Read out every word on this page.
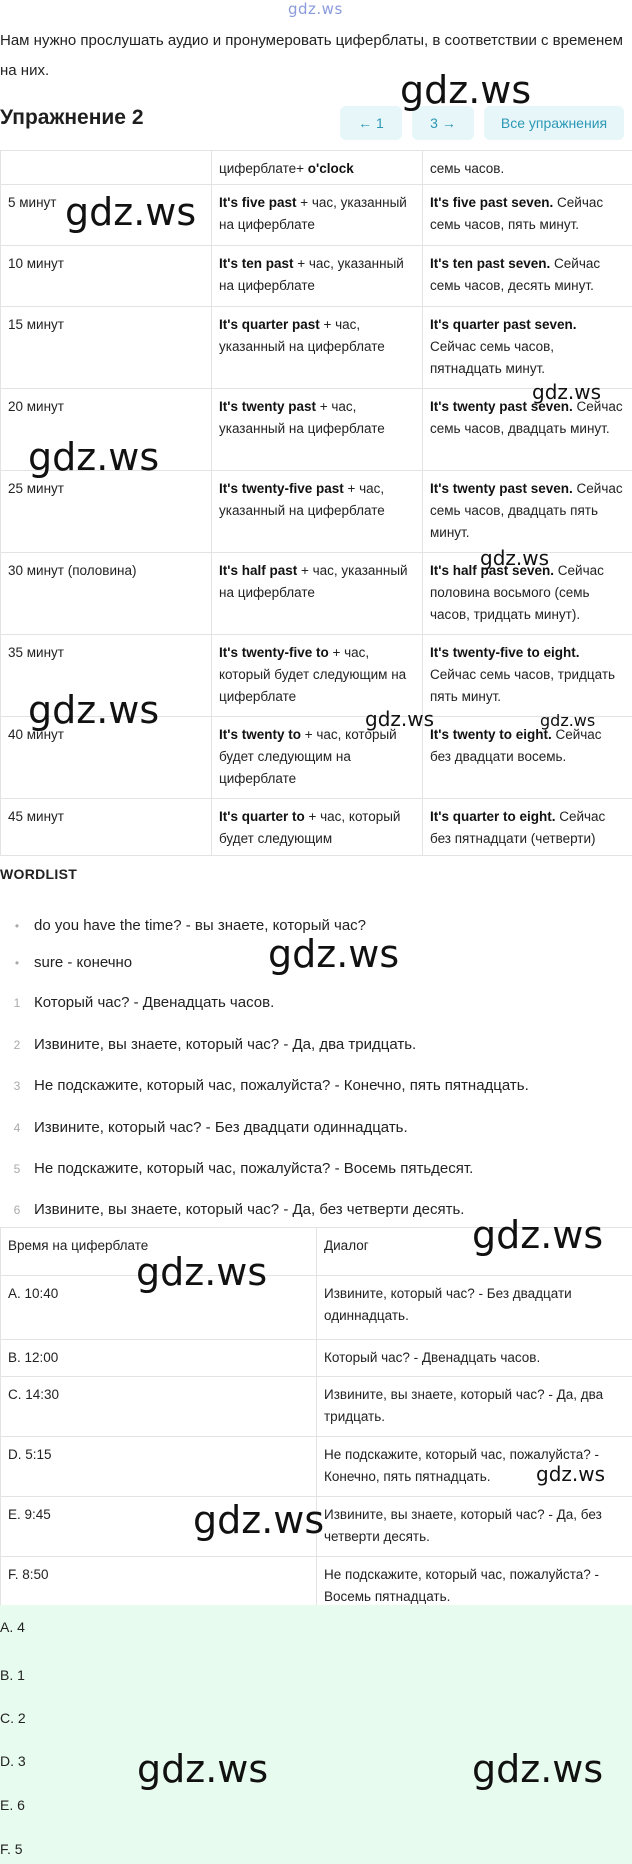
gdz.ws
Нам нужно прослушать аудио и пронумеровать циферблаты, в соответствии с временем на них.
Упражнение 2	← 1	3 →	Все упражнения
	циферблате+ o'clock	семь часов.
5 минут	It's five past + час, указанный на циферблате	It's five past seven. Сейчас семь часов, пять минут.
10 минут	It's ten past + час, указанный на циферблате	It's ten past seven. Сейчас семь часов, десять минут.
15 минут	It's quarter past + час, указанный на циферблате	It's quarter past seven. Сейчас семь часов, пятнадцать минут.
20 минут	It's twenty past + час, указанный на циферблате	It's twenty past seven. Сейчас семь часов, двадцать минут.
25 минут	It's twenty-five past + час, указанный на циферблате	It's twenty past seven. Сейчас семь часов, двадцать пять минут.
30 минут (половина)	It's half past + час, указанный на циферблате	It's half past seven. Сейчас половина восьмого (семь часов, тридцать минут).
35 минут	It's twenty-five to + час, который будет следующим на циферблате	It's twenty-five to eight. Сейчас семь часов, тридцать пять минут.
40 минут	It's twenty to + час, который будет следующим на циферблате	It's twenty to eight. Сейчас без двадцати восемь.
45 минут	It's quarter to + час, который будет следующим	It's quarter to eight. Сейчас без пятнадцати (четверти)
WORDLIST
• do you have the time? - вы знаете, который час?
• sure - конечно
1 Который час? - Двенадцать часов.
2 Извините, вы знаете, который час? - Да, два тридцать.
3 Не подскажите, который час, пожалуйста? - Конечно, пять пятнадцать.
4 Извините, который час? - Без двадцати одиннадцать.
5 Не подскажите, который час, пожалуйста? - Восемь пятьдесят.
6 Извините, вы знаете, который час? - Да, без четверти десять.
Время на циферблате	Диалог
A. 10:40	Извините, который час? - Без двадцати одиннадцать.
B. 12:00	Который час? - Двенадцать часов.
C. 14:30	Извините, вы знаете, который час? - Да, два тридцать.
D. 5:15	Не подскажите, который час, пожалуйста? - Конечно, пять пятнадцать.
E. 9:45	Извините, вы знаете, который час? - Да, без четверти десять.
F. 8:50	Не подскажите, который час, пожалуйста? - Восемь пятнадцать.
A. 4
B. 1
C. 2
D. 3
E. 6
F. 5
gdz.ws
gdz.ws
gdz.ws
gdz.ws
gdz.ws
gdz.ws	gdz.ws	gdz.ws
gdz.ws
gdz.ws
gdz.ws
gdz.ws
gdz.ws
gdz.ws	gdz.ws
